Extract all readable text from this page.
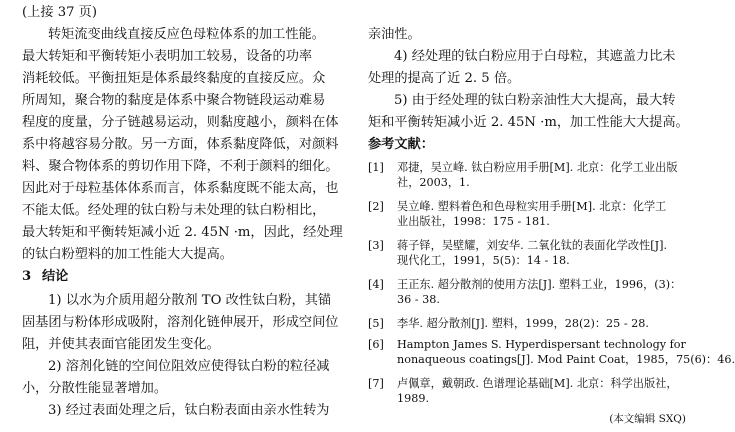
(上接 37 页)
转矩流变曲线直接反应色母粒体系的加工性能。
最大转矩和平衡转矩小表明加工较易，设备的功率
消耗较低。平衡扭矩是体系最终黏度的直接反应。众
所周知，聚合物的黏度是体系中聚合物链段运动难易
程度的度量，分子链越易运动，则黏度越小，颜料在体
系中将越容易分散。另一方面，体系黏度降低，对颜料
料、聚合物体系的剪切作用下降，不利于颜料的细化。
因此对于母粒基体体系而言，体系黏度既不能太高，也
不能太低。经处理的钛白粉与未处理的钛白粉相比，
最大转矩和平衡转矩减小近 2. 45N ·m，因此，经处理
的钛白粉塑料的加工性能大大提高。
3 结论
1) 以水为介质用超分散剂 TO 改性钛白粉，其锚
固基团与粉体形成吸附，溶剂化链伸展开，形成空间位
阻，并使其表面官能团发生变化。
2) 溶剂化链的空间位阻效应使得钛白粉的粒径减
小，分散性能显著增加。
3) 经过表面处理之后，钛白粉表面由亲水性转为
亲油性。
4) 经处理的钛白粉应用于白母粒，其遮盖力比未
处理的提高了近 2. 5 倍。
5) 由于经处理的钛白粉亲油性大大提高，最大转
矩和平衡转矩减小近 2. 45N ·m，加工性能大大提高。
参考文献：
[1] 邓捷，吴立峰. 钛白粉应用手册[M]. 北京：化学工业出版
社，2003，1.
[2] 吴立峰. 塑料着色和色母粒实用手册[M]. 北京：化学工
业出版社，1998：175 - 181.
[3] 蒋子铎，吴壁耀，刘安华. 二氧化钛的表面化学改性[J].
现代化工，1991，5(5)：14 - 18.
[4] 王正东. 超分散剂的使用方法[J]. 塑料工业，1996，(3)：
36 - 38.
[5] 李华. 超分散剂[J]. 塑料，1999，28(2)：25 - 28.
[6] Hampton James S. Hyperdispersant technology for
nonaqueous coatings[J]. Mod Paint Coat，1985，75(6)：46.
[7] 卢佩章，戴朝政. 色谱理论基础[M]. 北京：科学出版社，
1989.
(本文编辑 SXQ)
